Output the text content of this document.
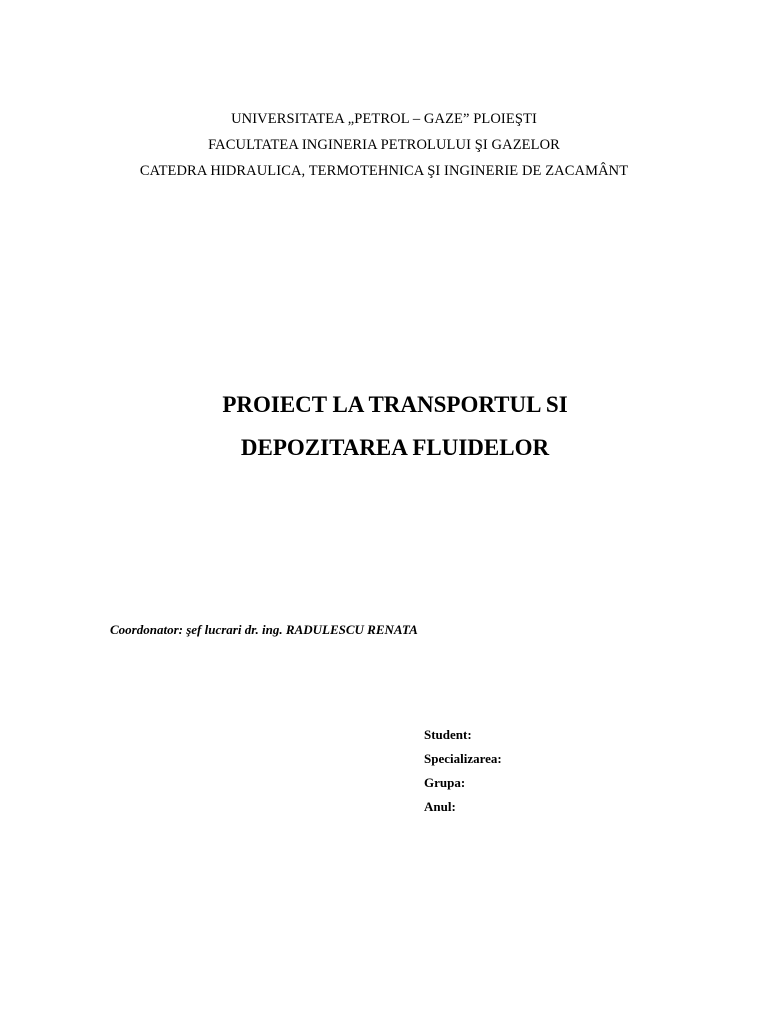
UNIVERSITATEA „PETROL – GAZE” PLOIEŞTI
FACULTATEA INGINERIA PETROLULUI ŞI GAZELOR
CATEDRA HIDRAULICA, TERMOTEHNICA ŞI INGINERIE DE ZACAMÂNT
PROIECT LA TRANSPORTUL SI
DEPOZITAREA FLUIDELOR
Coordonator: şef lucrari dr. ing. RADULESCU RENATA
Student:
Specializarea:
Grupa:
Anul:
